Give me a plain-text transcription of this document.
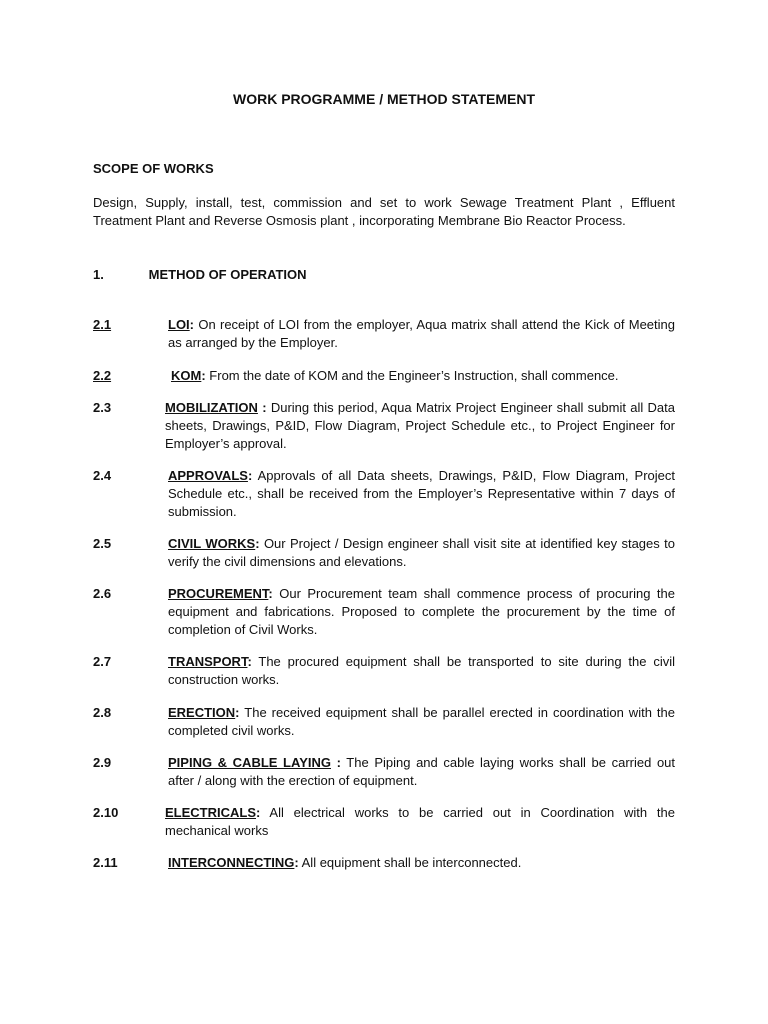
WORK PROGRAMME / METHOD STATEMENT
SCOPE OF WORKS
Design, Supply, install, test, commission and set to work Sewage Treatment Plant , Effluent Treatment Plant and Reverse Osmosis plant , incorporating Membrane Bio Reactor Process.
1.	METHOD OF OPERATION
2.1	LOI: On receipt of LOI from the employer, Aqua matrix shall attend the Kick of Meeting as arranged by the Employer.
2.2	KOM: From the date of KOM and the Engineer’s Instruction, shall commence.
2.3	MOBILIZATION : During this period, Aqua Matrix Project Engineer shall submit all Data sheets, Drawings, P&ID, Flow Diagram, Project Schedule etc., to Project Engineer for Employer’s approval.
2.4	APPROVALS: Approvals of all Data sheets, Drawings, P&ID, Flow Diagram, Project Schedule etc., shall be received from the Employer’s Representative within 7 days of submission.
2.5	CIVIL WORKS: Our Project / Design engineer shall visit site at identified key stages to verify the civil dimensions and elevations.
2.6	PROCUREMENT: Our Procurement team shall commence process of procuring the equipment and fabrications. Proposed to complete the procurement by the time of completion of Civil Works.
2.7	TRANSPORT: The procured equipment shall be transported to site during the civil construction works.
2.8	ERECTION: The received equipment shall be parallel erected in coordination with the completed civil works.
2.9	PIPING & CABLE LAYING : The Piping and cable laying works shall be carried out after / along with the erection of equipment.
2.10	ELECTRICALS: All electrical works to be carried out in Coordination with the mechanical works
2.11	INTERCONNECTING: All equipment shall be interconnected.
